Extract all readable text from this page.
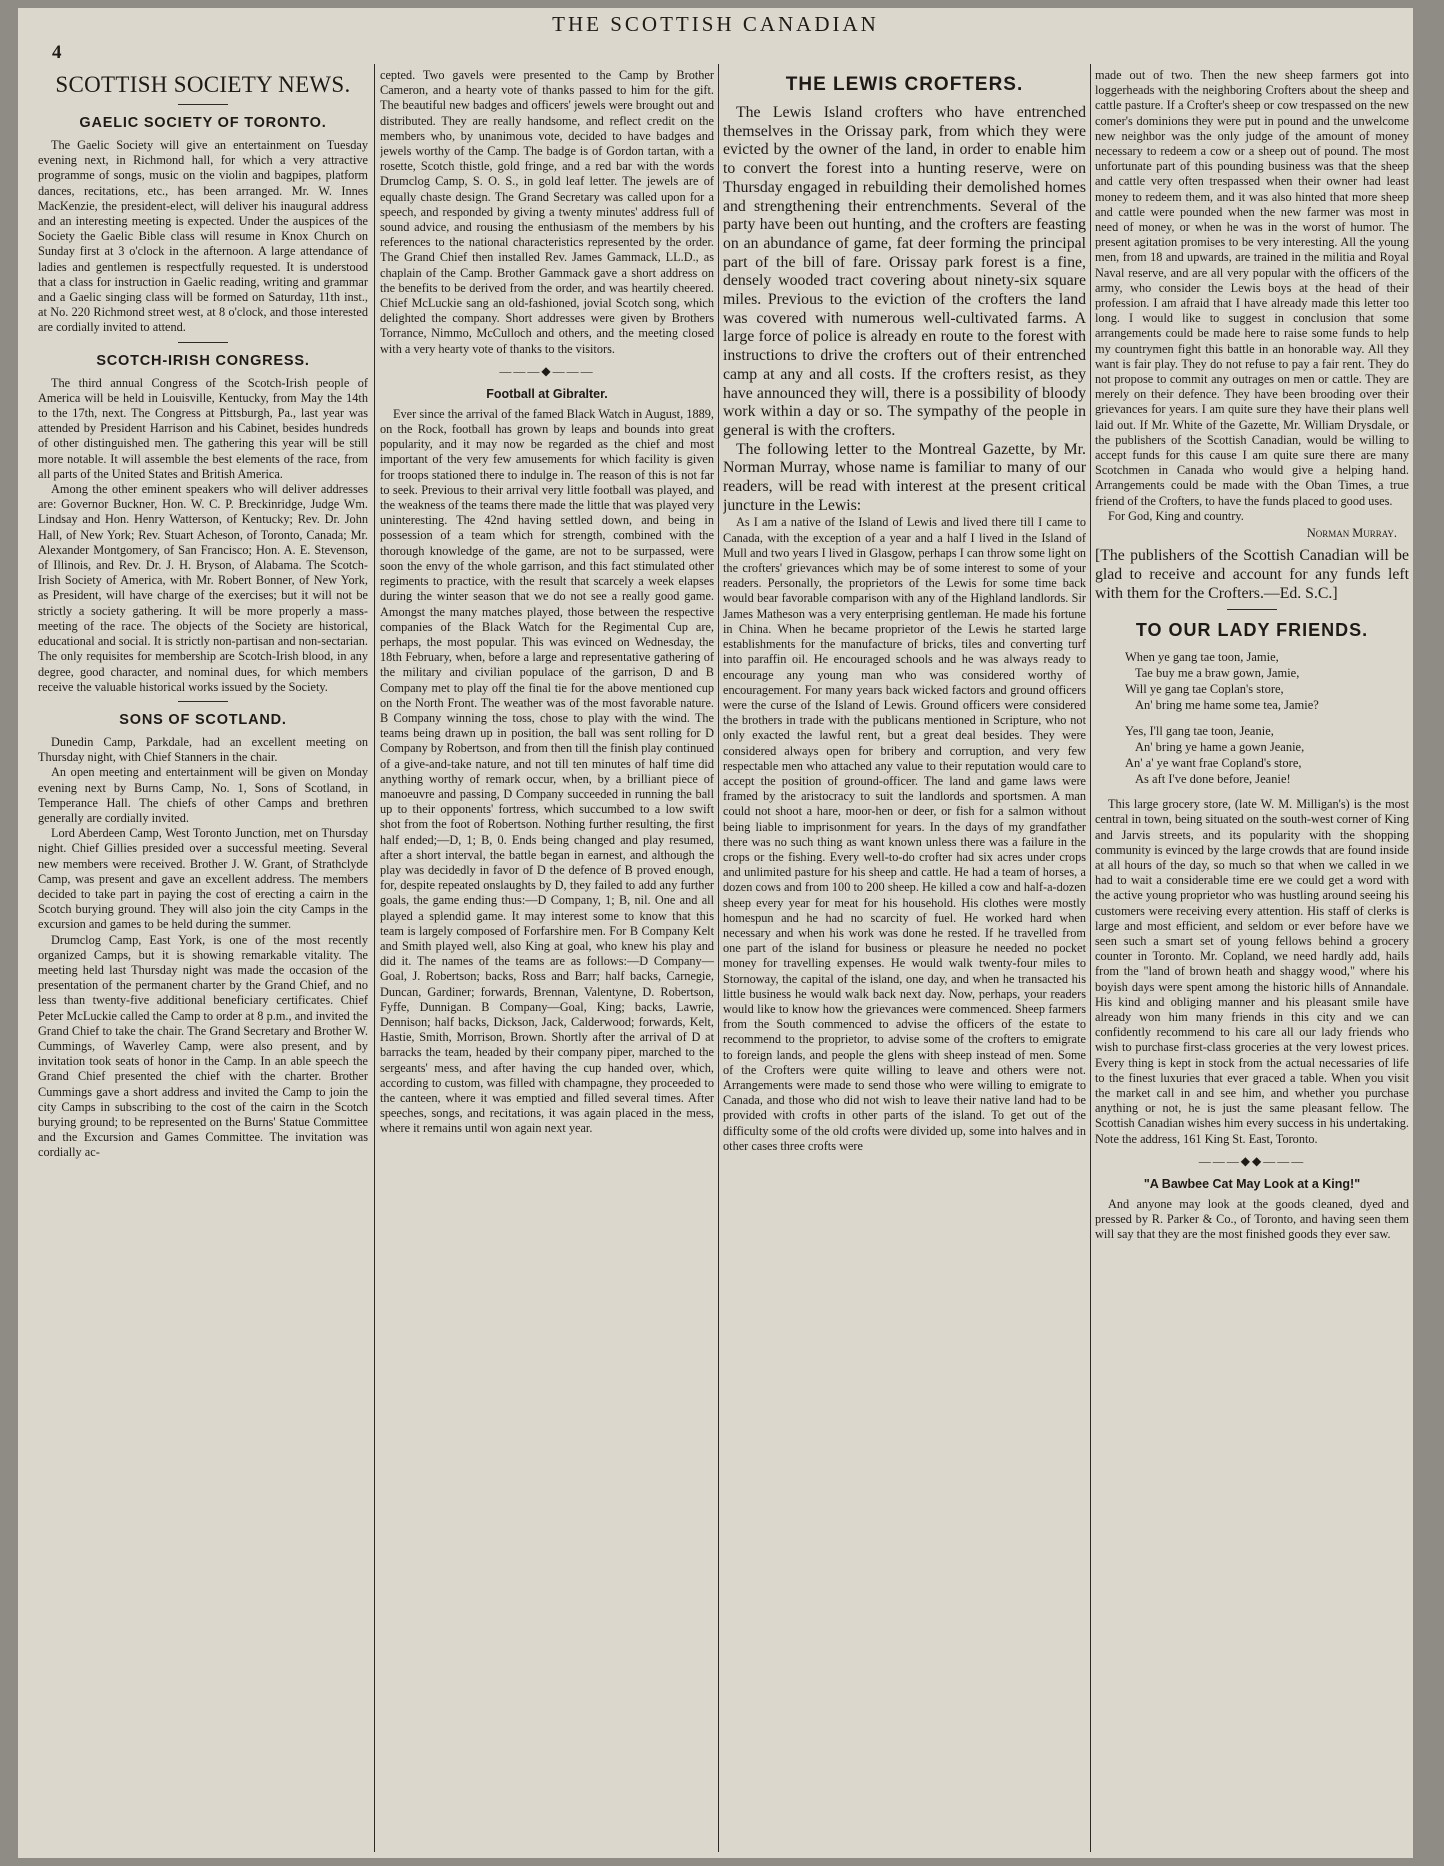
THE SCOTTISH CANADIAN
4
SCOTTISH SOCIETY NEWS.
GAELIC SOCIETY OF TORONTO.

The Gaelic Society will give an entertainment on Tuesday evening next, in Richmond hall, for which a very attractive programme of songs, music on the violin and bagpipes, platform dances, recitations, etc., has been arranged. Mr. W. Innes MacKenzie, the president-elect, will deliver his inaugural address and an interesting meeting is expected. Under the auspices of the Society the Gaelic Bible class will resume in Knox Church on Sunday first at 3 o'clock in the afternoon. A large attendance of ladies and gentlemen is respectfully requested. It is understood that a class for instruction in Gaelic reading, writing and grammar and a Gaelic singing class will be formed on Saturday, 11th inst., at No. 220 Richmond street west, at 8 o'clock, and those interested are cordially invited to attend.

SCOTCH-IRISH CONGRESS.

The third annual Congress of the Scotch-Irish people of America will be held in Louisville, Kentucky, from May the 14th to the 17th, next. The Congress at Pittsburgh, Pa., last year was attended by President Harrison and his Cabinet, besides hundreds of other distinguished men. The gathering this year will be still more notable. It will assemble the best elements of the race, from all parts of the United States and British America.

Among the other eminent speakers who will deliver addresses are: Governor Buckner, Hon. W. C. P. Breckinridge, Judge Wm. Lindsay and Hon. Henry Watterson, of Kentucky; Rev. Dr. John Hall, of New York; Rev. Stuart Acheson, of Toronto, Canada; Mr. Alexander Montgomery, of San Francisco; Hon. A. E. Stevenson, of Illinois, and Rev. Dr. J. H. Bryson, of Alabama. The Scotch-Irish Society of America, with Mr. Robert Bonner, of New York, as President, will have charge of the exercises; but it will not be strictly a society gathering. It will be more properly a mass-meeting of the race. The objects of the Society are historical, educational and social. It is strictly non-partisan and non-sectarian. The only requisites for membership are Scotch-Irish blood, in any degree, good character, and nominal dues, for which members receive the valuable historical works issued by the Society.

SONS OF SCOTLAND.

Dunedin Camp, Parkdale, had an excellent meeting on Thursday night, with Chief Stanners in the chair.

An open meeting and entertainment will be given on Monday evening next by Burns Camp, No. 1, Sons of Scotland, in Temperance Hall. The chiefs of other Camps and brethren generally are cordially invited.

Lord Aberdeen Camp, West Toronto Junction, met on Thursday night. Chief Gillies presided over a successful meeting. Several new members were received. Brother J. W. Grant, of Strathclyde Camp, was present and gave an excellent address. The members decided to take part in paying the cost of erecting a cairn in the Scotch burying ground. They will also join the city Camps in the excursion and games to be held during the summer.

Drumclog Camp, East York, is one of the most recently organized Camps, but it is showing remarkable vitality. The meeting held last Thursday night was made the occasion of the presentation of the permanent charter by the Grand Chief, and no less than twenty-five additional beneficiary certificates. Chief Peter McLuckie called the Camp to order at 8 p.m., and invited the Grand Chief to take the chair. The Grand Secretary and Brother W. Cummings, of Waverley Camp, were also present, and by invitation took seats of honor in the Camp. In an able speech the Grand Chief presented the chief with the charter. Brother Cummings gave a short address and invited the Camp to join the city Camps in subscribing to the cost of the cairn in the Scotch burying ground; to be represented on the Burns' Statue Committee and the Excursion and Games Committee. The invitation was cordially ac-

cepted. Two gavels were presented to the Camp by Brother Cameron, and a hearty vote of thanks passed to him for the gift. The beautiful new badges and officers' jewels were brought out and distributed. They are really handsome, and reflect credit on the members who, by unanimous vote, decided to have badges and jewels worthy of the Camp. The badge is of Gordon tartan, with a rosette, Scotch thistle, gold fringe, and a red bar with the words Drumclog Camp, S. O. S., in gold leaf letter. The jewels are of equally chaste design. The Grand Secretary was called upon for a speech, and responded by giving a twenty minutes' address full of sound advice, and rousing the enthusiasm of the members by his references to the national characteristics represented by the order. The Grand Chief then installed Rev. James Gammack, LL.D., as chaplain of the Camp. Brother Gammack gave a short address on the benefits to be derived from the order, and was heartily cheered. Chief McLuckie sang an old-fashioned, jovial Scotch song, which delighted the company. Short addresses were given by Brothers Torrance, Nimmo, McCulloch and others, and the meeting closed with a very hearty vote of thanks to the visitors.

———◆———
Football at Gibralter.

Ever since the arrival of the famed Black Watch in August, 1889, on the Rock, football has grown by leaps and bounds into great popularity, and it may now be regarded as the chief and most important of the very few amusements for which facility is given for troops stationed there to indulge in. The reason of this is not far to seek. Previous to their arrival very little football was played, and the weakness of the teams there made the little that was played very uninteresting. The 42nd having settled down, and being in possession of a team which for strength, combined with the thorough knowledge of the game, are not to be surpassed, were soon the envy of the whole garrison, and this fact stimulated other regiments to practice, with the result that scarcely a week elapses during the winter season that we do not see a really good game. Amongst the many matches played, those between the respective companies of the Black Watch for the Regimental Cup are, perhaps, the most popular. This was evinced on Wednesday, the 18th February, when, before a large and representative gathering of the military and civilian populace of the garrison, D and B Company met to play off the final tie for the above mentioned cup on the North Front. The weather was of the most favorable nature. B Company winning the toss, chose to play with the wind. The teams being drawn up in position, the ball was sent rolling for D Company by Robertson, and from then till the finish play continued of a give-and-take nature, and not till ten minutes of half time did anything worthy of remark occur, when, by a brilliant piece of manoeuvre and passing, D Company succeeded in running the ball up to their opponents' fortress, which succumbed to a low swift shot from the foot of Robertson. Nothing further resulting, the first half ended;—D, 1; B, 0. Ends being changed and play resumed, after a short interval, the battle began in earnest, and although the play was decidedly in favor of D the defence of B proved enough, for, despite repeated onslaughts by D, they failed to add any further goals, the game ending thus:—D Company, 1; B, nil. One and all played a splendid game. It may interest some to know that this team is largely composed of Forfarshire men. For B Company Kelt and Smith played well, also King at goal, who knew his play and did it. The names of the teams are as follows:—D Company—Goal, J. Robertson; backs, Ross and Barr; half backs, Carnegie, Duncan, Gardiner; forwards, Brennan, Valentyne, D. Robertson, Fyffe, Dunnigan. B Company—Goal, King; backs, Lawrie, Dennison; half backs, Dickson, Jack, Calderwood; forwards, Kelt, Hastie, Smith, Morrison, Brown. Shortly after the arrival of D at barracks the team, headed by their company piper, marched to the sergeants' mess, and after having the cup handed over, which, according to custom, was filled with champagne, they proceeded to the canteen, where it was emptied and filled several times. After speeches, songs, and recitations, it was again placed in the mess, where it remains until won again next year.

THE LEWIS CROFTERS.

The Lewis Island crofters who have entrenched themselves in the Orissay park, from which they were evicted by the owner of the land, in order to enable him to convert the forest into a hunting reserve, were on Thursday engaged in rebuilding their demolished homes and strengthening their entrenchments. Several of the party have been out hunting, and the crofters are feasting on an abundance of game, fat deer forming the principal part of the bill of fare. Orissay park forest is a fine, densely wooded tract covering about ninety-six square miles. Previous to the eviction of the crofters the land was covered with numerous well-cultivated farms. A large force of police is already en route to the forest with instructions to drive the crofters out of their entrenched camp at any and all costs. If the crofters resist, as they have announced they will, there is a possibility of bloody work within a day or so. The sympathy of the people in general is with the crofters.

The following letter to the Montreal Gazette, by Mr. Norman Murray, whose name is familiar to many of our readers, will be read with interest at the present critical juncture in the Lewis:

As I am a native of the Island of Lewis and lived there till I came to Canada, with the exception of a year and a half I lived in the Island of Mull and two years I lived in Glasgow, perhaps I can throw some light on the crofters' grievances which may be of some interest to some of your readers. Personally, the proprietors of the Lewis for some time back would bear favorable comparison with any of the Highland landlords. Sir James Matheson was a very enterprising gentleman. He made his fortune in China. When he became proprietor of the Lewis he started large establishments for the manufacture of bricks, tiles and converting turf into paraffin oil. He encouraged schools and he was always ready to encourage any young man who was considered worthy of encouragement. For many years back wicked factors and ground officers were the curse of the Island of Lewis. Ground officers were considered the brothers in trade with the publicans mentioned in Scripture, who not only exacted the lawful rent, but a great deal besides. They were considered always open for bribery and corruption, and very few respectable men who attached any value to their reputation would care to accept the position of ground-officer. The land and game laws were framed by the aristocracy to suit the landlords and sportsmen. A man could not shoot a hare, moor-hen or deer, or fish for a salmon without being liable to imprisonment for years. In the days of my grandfather there was no such thing as want known unless there was a failure in the crops or the fishing. Every well-to-do crofter had six acres under crops and unlimited pasture for his sheep and cattle. He had a team of horses, a dozen cows and from 100 to 200 sheep. He killed a cow and half-a-dozen sheep every year for meat for his household. His clothes were mostly homespun and he had no scarcity of fuel. He worked hard when necessary and when his work was done he rested. If he travelled from one part of the island for business or pleasure he needed no pocket money for travelling expenses. He would walk twenty-four miles to Stornoway, the capital of the island, one day, and when he transacted his little business he would walk back next day. Now, perhaps, your readers would like to know how the grievances were commenced. Sheep farmers from the South commenced to advise the officers of the estate to recommend to the proprietor, to advise some of the crofters to emigrate to foreign lands, and people the glens with sheep instead of men. Some of the Crofters were quite willing to leave and others were not. Arrangements were made to send those who were willing to emigrate to Canada, and those who did not wish to leave their native land had to be provided with crofts in other parts of the island. To get out of the difficulty some of the old crofts were divided up, some into halves and in other cases three crofts were

made out of two. Then the new sheep farmers got into loggerheads with the neighboring Crofters about the sheep and cattle pasture. If a Crofter's sheep or cow trespassed on the new comer's dominions they were put in pound and the unwelcome new neighbor was the only judge of the amount of money necessary to redeem a cow or a sheep out of pound. The most unfortunate part of this pounding business was that the sheep and cattle very often trespassed when their owner had least money to redeem them, and it was also hinted that more sheep and cattle were pounded when the new farmer was most in need of money, or when he was in the worst of humor. The present agitation promises to be very interesting. All the young men, from 18 and upwards, are trained in the militia and Royal Naval reserve, and are all very popular with the officers of the army, who consider the Lewis boys at the head of their profession. I am afraid that I have already made this letter too long. I would like to suggest in conclusion that some arrangements could be made here to raise some funds to help my countrymen fight this battle in an honorable way. All they want is fair play. They do not refuse to pay a fair rent. They do not propose to commit any outrages on men or cattle. They are merely on their defence. They have been brooding over their grievances for years. I am quite sure they have their plans well laid out. If Mr. White of the Gazette, Mr. William Drysdale, or the publishers of the Scottish Canadian, would be willing to accept funds for this cause I am quite sure there are many Scotchmen in Canada who would give a helping hand. Arrangements could be made with the Oban Times, a true friend of the Crofters, to have the funds placed to good uses.

For God, King and country.

Norman Murray.

[The publishers of the Scottish Canadian will be glad to receive and account for any funds left with them for the Crofters.—Ed. S.C.]

TO OUR LADY FRIENDS.
When ye gang tae toon, Jamie,
Tae buy me a braw gown, Jamie,
Will ye gang tae Coplan's store,
An' bring me hame some tea, Jamie?
Yes, I'll gang tae toon, Jeanie,
An' bring ye hame a gown Jeanie,
An' a' ye want frae Copland's store,
As aft I've done before, Jeanie!

This large grocery store, (late W. M. Milligan's) is the most central in town, being situated on the south-west corner of King and Jarvis streets, and its popularity with the shopping community is evinced by the large crowds that are found inside at all hours of the day, so much so that when we called in we had to wait a considerable time ere we could get a word with the active young proprietor who was hustling around seeing his customers were receiving every attention. His staff of clerks is large and most efficient, and seldom or ever before have we seen such a smart set of young fellows behind a grocery counter in Toronto. Mr. Copland, we need hardly add, hails from the "land of brown heath and shaggy wood," where his boyish days were spent among the historic hills of Annandale. His kind and obliging manner and his pleasant smile have already won him many friends in this city and we can confidently recommend to his care all our lady friends who wish to purchase first-class groceries at the very lowest prices. Every thing is kept in stock from the actual necessaries of life to the finest luxuries that ever graced a table. When you visit the market call in and see him, and whether you purchase anything or not, he is just the same pleasant fellow. The Scottish Canadian wishes him every success in his undertaking. Note the address, 161 King St. East, Toronto.

———◆◆———
"A Bawbee Cat May Look at a King!"

And anyone may look at the goods cleaned, dyed and pressed by R. Parker & Co., of Toronto, and having seen them will say that they are the most finished goods they ever saw.
